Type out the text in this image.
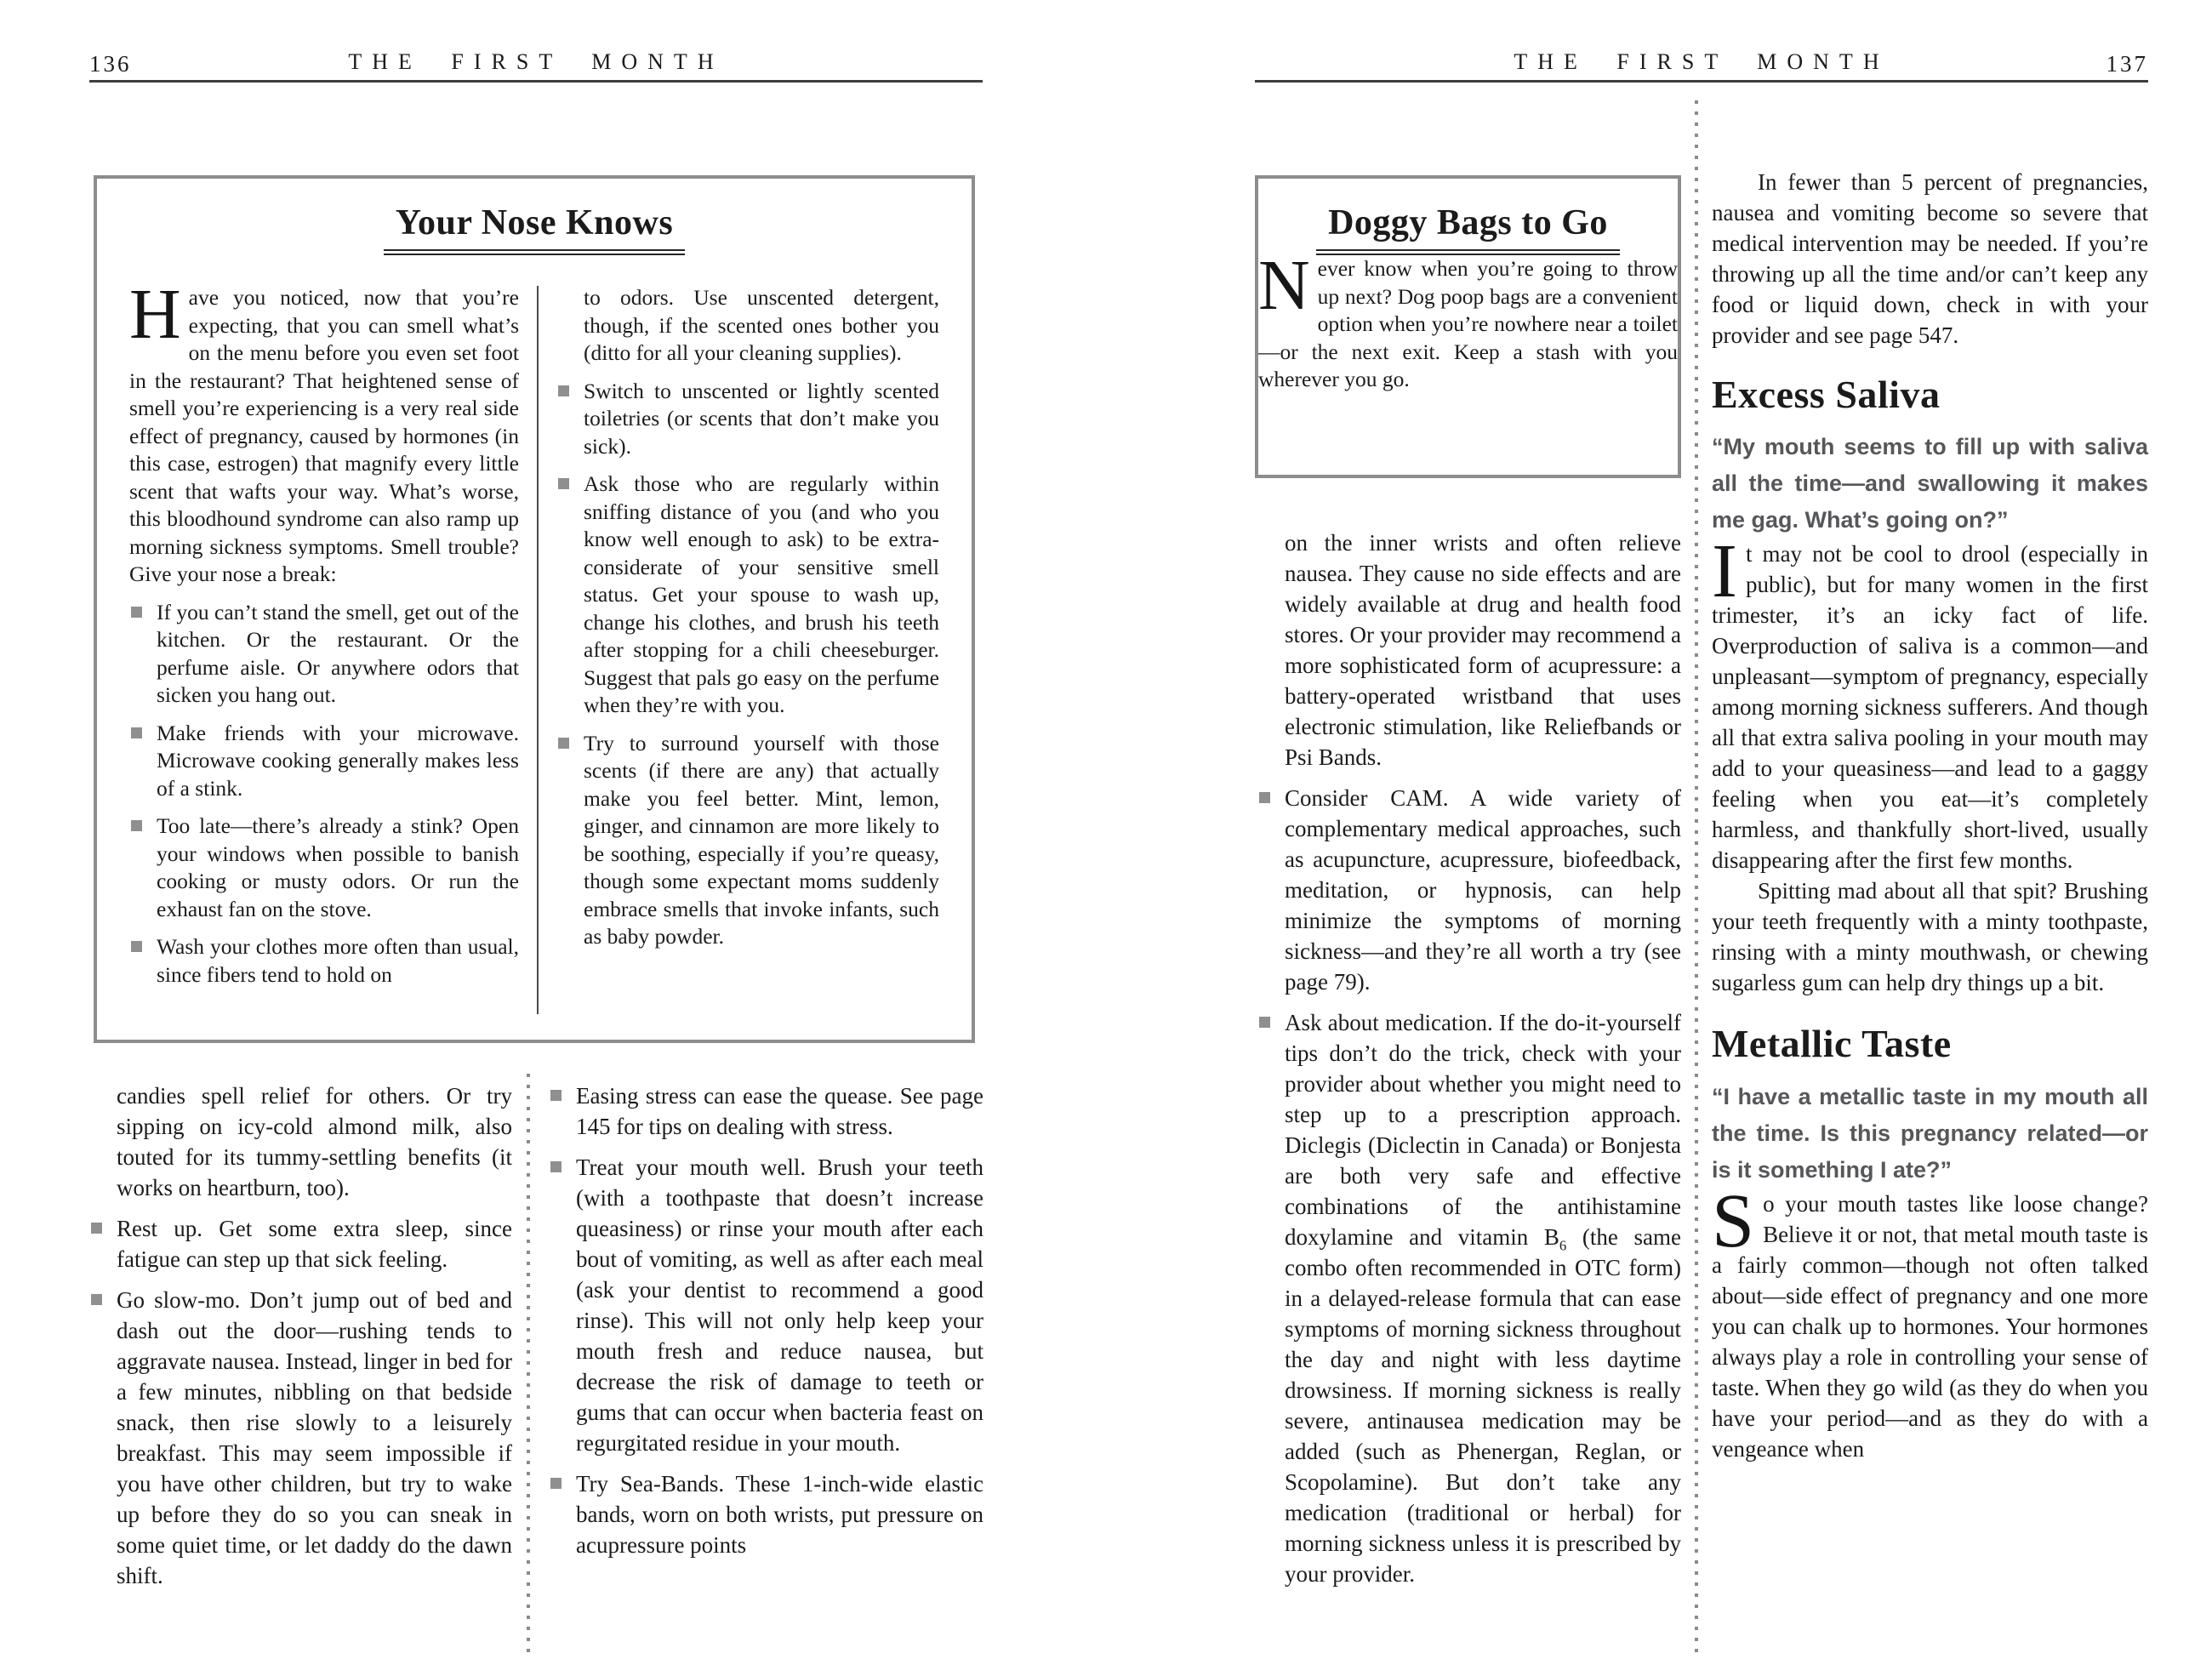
136	THE FIRST MONTH	THE FIRST MONTH	137
Your Nose Knows

Have you noticed, now that you’re expecting, that you can smell what’s on the menu before you even set foot in the restaurant? That heightened sense of smell you’re experiencing is a very real side effect of pregnancy, caused by hormones (in this case, estrogen) that magnify every little scent that wafts your way. What’s worse, this bloodhound syndrome can also ramp up morning sickness symptoms. Smell trouble? Give your nose a break:

If you can’t stand the smell, get out of the kitchen. Or the restaurant. Or the perfume aisle. Or anywhere odors that sicken you hang out.
Make friends with your microwave. Microwave cooking generally makes less of a stink.
Too late—there’s already a stink? Open your windows when possible to banish cooking or musty odors. Or run the exhaust fan on the stove.
Wash your clothes more often than usual, since fibers tend to hold on

to odors. Use unscented detergent, though, if the scented ones bother you (ditto for all your cleaning supplies).

Switch to unscented or lightly scented toiletries (or scents that don’t make you sick).
Ask those who are regularly within sniffing distance of you (and who you know well enough to ask) to be extra-considerate of your sensitive smell status. Get your spouse to wash up, change his clothes, and brush his teeth after stopping for a chili cheeseburger. Suggest that pals go easy on the perfume when they’re with you.
Try to surround yourself with those scents (if there are any) that actually make you feel better. Mint, lemon, ginger, and cinnamon are more likely to be soothing, especially if you’re queasy, though some expectant moms suddenly embrace smells that invoke infants, such as baby powder.

candies spell relief for others. Or try sipping on icy-cold almond milk, also touted for its tummy-settling benefits (it works on heartburn, too).

Rest up. Get some extra sleep, since fatigue can step up that sick feeling.
Go slow-mo. Don’t jump out of bed and dash out the door—rushing tends to aggravate nausea. Instead, linger in bed for a few minutes, nibbling on that bedside snack, then rise slowly to a leisurely breakfast. This may seem impossible if you have other children, but try to wake up before they do so you can sneak in some quiet time, or let daddy do the dawn shift.
Easing stress can ease the quease. See page 145 for tips on dealing with stress.
Treat your mouth well. Brush your teeth (with a toothpaste that doesn’t increase queasiness) or rinse your mouth after each bout of vomiting, as well as after each meal (ask your dentist to recommend a good rinse). This will not only help keep your mouth fresh and reduce nausea, but decrease the risk of damage to teeth or gums that can occur when bacteria feast on regurgitated residue in your mouth.
Try Sea-Bands. These 1-inch-wide elastic bands, worn on both wrists, put pressure on acupressure points
Doggy Bags to Go

Never know when you’re going to throw up next? Dog poop bags are a convenient option when you’re nowhere near a toilet—or the next exit. Keep a stash with you wherever you go.

on the inner wrists and often relieve nausea. They cause no side effects and are widely available at drug and health food stores. Or your provider may recommend a more sophisticated form of acupressure: a battery-operated wristband that uses electronic stimulation, like Reliefbands or Psi Bands.

Consider CAM. A wide variety of complementary medical approaches, such as acupuncture, acupressure, biofeedback, meditation, or hypnosis, can help minimize the symptoms of morning sickness—and they’re all worth a try (see page 79).
Ask about medication. If the do-it-yourself tips don’t do the trick, check with your provider about whether you might need to step up to a prescription approach. Diclegis (Diclectin in Canada) or Bonjesta are both very safe and effective combinations of the antihistamine doxylamine and vitamin $B_6$ (the same combo often recommended in OTC form) in a delayed-release formula that can ease symptoms of morning sickness throughout the day and night with less daytime drowsiness. If morning sickness is really severe, antinausea medication may be added (such as Phenergan, Reglan, or Scopolamine). But don’t take any medication (traditional or herbal) for morning sickness unless it is prescribed by your provider.

In fewer than 5 percent of pregnancies, nausea and vomiting become so severe that medical intervention may be needed. If you’re throwing up all the time and/or can’t keep any food or liquid down, check in with your provider and see page 547.

Excess Saliva

“My mouth seems to fill up with saliva all the time—and swallowing it makes me gag. What’s going on?”

It may not be cool to drool (especially in public), but for many women in the first trimester, it’s an icky fact of life. Overproduction of saliva is a common—and unpleasant—symptom of pregnancy, especially among morning sickness sufferers. And though all that extra saliva pooling in your mouth may add to your queasiness—and lead to a gaggy feeling when you eat—it’s completely harmless, and thankfully short-lived, usually disappearing after the first few months.

Spitting mad about all that spit? Brushing your teeth frequently with a minty toothpaste, rinsing with a minty mouthwash, or chewing sugarless gum can help dry things up a bit.

Metallic Taste

“I have a metallic taste in my mouth all the time. Is this pregnancy related—or is it something I ate?”

So your mouth tastes like loose change? Believe it or not, that metal mouth taste is a fairly common—though not often talked about—side effect of pregnancy and one more you can chalk up to hormones. Your hormones always play a role in controlling your sense of taste. When they go wild (as they do when you have your period—and as they do with a vengeance when
